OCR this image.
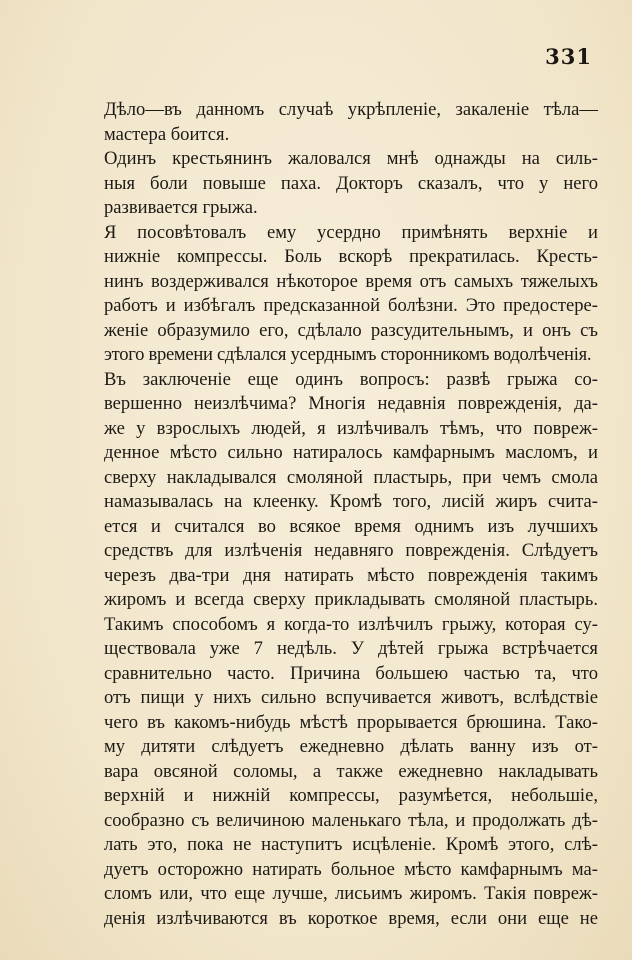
331
Дѣло—въ данномъ случаѣ укрѣпленіе, закаленіе тѣла—
мастера боится.
Одинъ крестьянинъ жаловался мнѣ однажды на силь-
ныя боли повыше паха. Докторъ сказалъ, что у него
развивается грыжа.
Я посовѣтовалъ ему усердно примѣнять верхніе и
нижніе компрессы. Боль вскорѣ прекратилась. Кресть-
нинъ воздерживался нѣкоторое время отъ самыхъ тяжелыхъ
работъ и избѣгалъ предсказанной болѣзни. Это предостере-
женіе образумило его, сдѣлало разсудительнымъ, и онъ съ
этого времени сдѣлался усерднымъ сторонникомъ водолѣченія.
Въ заключеніе еще одинъ вопросъ: развѣ грыжа со-
вершенно неизлѣчима? Многія недавнія поврежденія, да-
же у взрослыхъ людей, я излѣчивалъ тѣмъ, что повреж-
денное мѣсто сильно натиралось камфарнымъ масломъ, и
сверху накладывался смоляной пластырь, при чемъ смола
намазывалась на клеенку. Кромѣ того, лисій жиръ счита-
ется и считался во всякое время однимъ изъ лучшихъ
средствъ для излѣченія недавняго поврежденія. Слѣдуетъ
черезъ два-три дня натирать мѣсто поврежденія такимъ
жиромъ и всегда сверху прикладывать смоляной пластырь.
Такимъ способомъ я когда-то излѣчилъ грыжу, которая су-
ществовала уже 7 недѣль. У дѣтей грыжа встрѣчается
сравнительно часто. Причина большею частью та, что
отъ пищи у нихъ сильно вспучивается животъ, вслѣдствіе
чего въ какомъ-нибудь мѣстѣ прорывается брюшина. Тако-
му дитяти слѣдуетъ ежедневно дѣлать ванну изъ от-
вара овсяной соломы, а также ежедневно накладывать
верхній и нижній компрессы, разумѣется, небольшіе,
сообразно съ величиною маленькаго тѣла, и продолжать дѣ-
лать это, пока не наступитъ исцѣленіе. Кромѣ этого, слѣ-
дуетъ осторожно натирать больное мѣсто камфарнымъ ма-
сломъ или, что еще лучше, лисьимъ жиромъ. Такія повреж-
денія излѣчиваются въ короткое время, если они еще не
